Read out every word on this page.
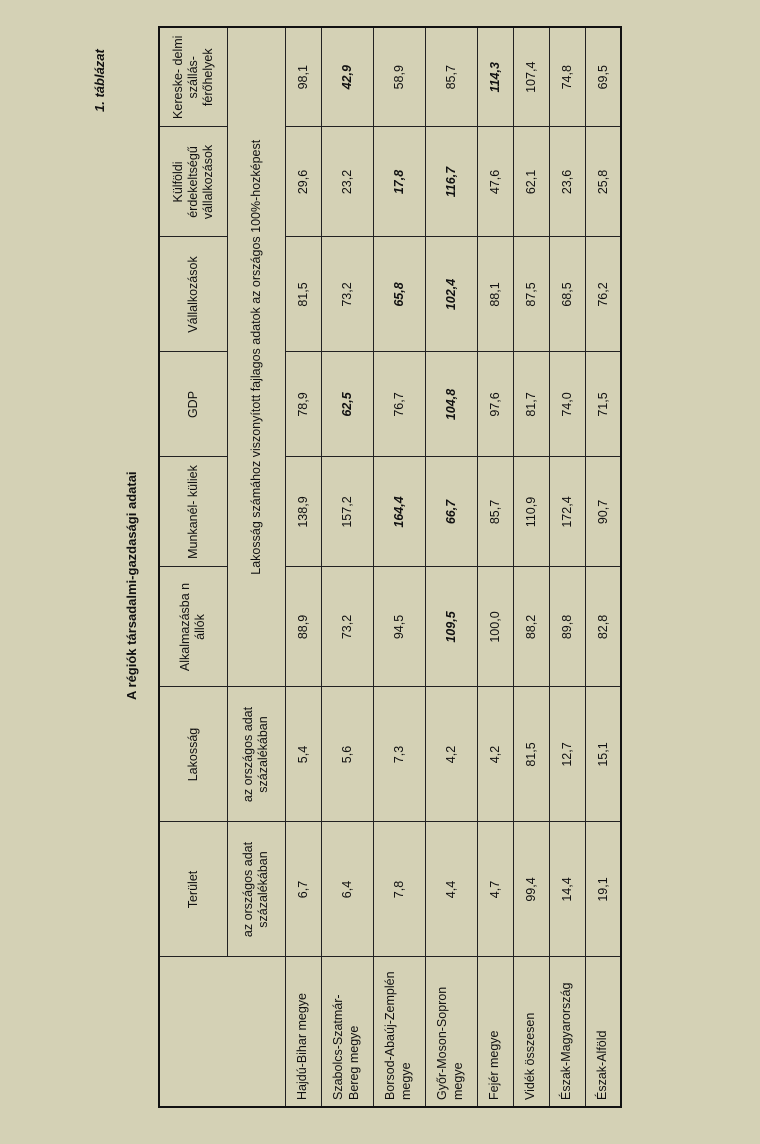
1. táblázat
A régiók társadalmi-gazdasági adatai
	Terület	Lakosság	Alkalmazásba n állók	Munkanél- küliek	GDP	Vállalkozások	Külföldi érdekeltségű vállalkozások	Kereske- delmi szállás- férőhelyek
	az országos adat százalékában	az országos adat százalékában	Lakosság számához viszonyított fajlagos adatok az országos 100%-hozképest					
Hajdú-Bihar megye	6,7	5,4	88,9	138,9	78,9	81,5	29,6	98,1
Szabolcs-Szatmár-Bereg megye	6,4	5,6	73,2	157,2	62,5	73,2	23,2	42,9
Borsod-Abaúj-Zemplén megye	7,8	7,3	94,5	164,4	76,7	65,8	17,8	58,9
Győr-Moson-Sopron megye	4,4	4,2	109,5	66,7	104,8	102,4	116,7	85,7
Fejér megye	4,7	4,2	100,0	85,7	97,6	88,1	47,6	114,3
Vidék összesen	99,4	81,5	88,2	110,9	81,7	87,5	62,1	107,4
Észak-Magyarország	14,4	12,7	89,8	172,4	74,0	68,5	23,6	74,8
Észak-Alföld	19,1	15,1	82,8	90,7	71,5	76,2	25,8	69,5
